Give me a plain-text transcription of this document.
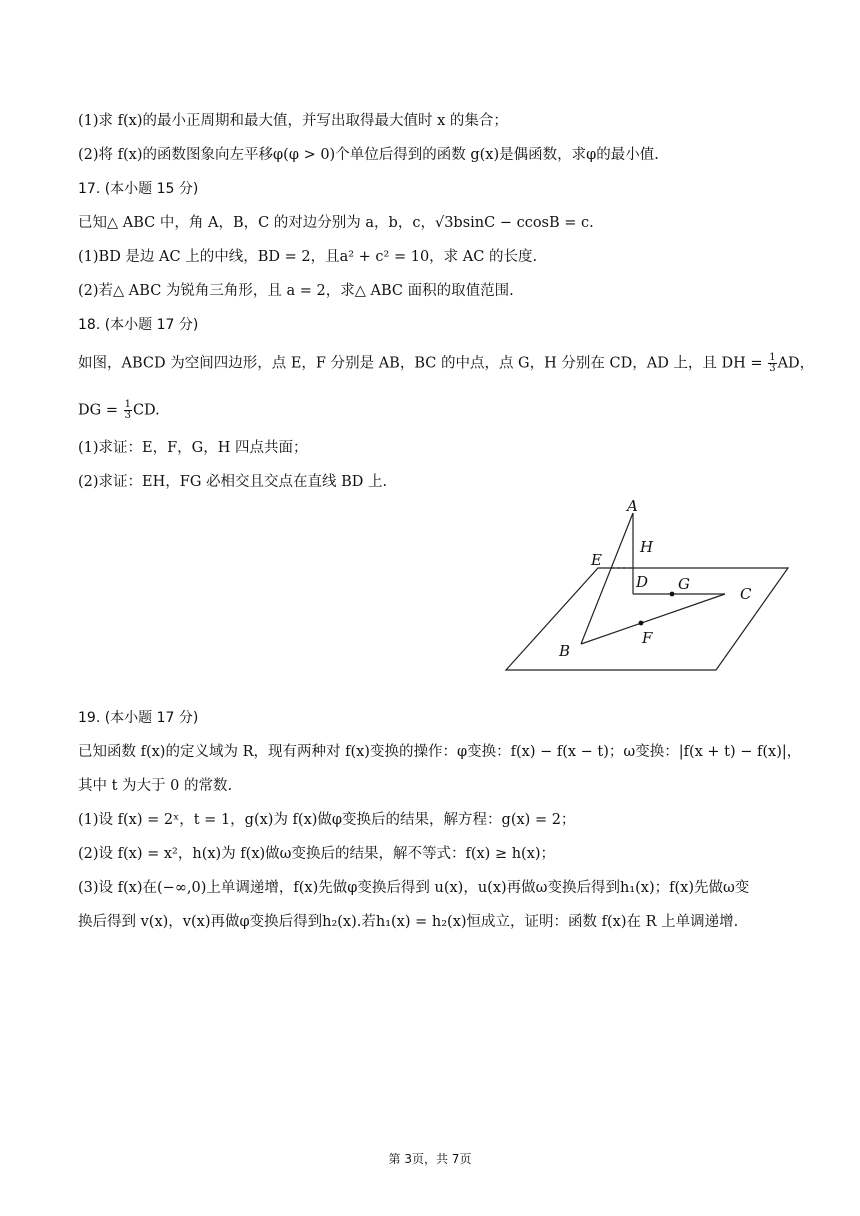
(1)求 f(x)的最小正周期和最大值，并写出取得最大值时 x 的集合；
(2)将 f(x)的函数图象向左平移φ(φ > 0)个单位后得到的函数 g(x)是偶函数，求φ的最小值.
17. (本小题 15 分)
已知△ ABC 中，角 A，B，C 的对边分别为 a，b，c，√3bsinC − ccosB = c.
(1)BD 是边 AC 上的中线，BD = 2，且a² + c² = 10，求 AC 的长度.
(2)若△ ABC 为锐角三角形，且 a = 2，求△ ABC 面积的取值范围.
18. (本小题 17 分)
如图，ABCD 为空间四边形，点 E，F 分别是 AB，BC 的中点，点 G，H 分别在 CD，AD 上，且 DH = $\frac{1}{3}$ AD，
DG = $\frac{1}{3}$ CD.
(1)求证：E，F，G，H 四点共面；
(2)求证：EH，FG 必相交且交点在直线 BD 上.
A
H
E
D G
C
F
B
19. (本小题 17 分)
已知函数 f(x)的定义域为 R，现有两种对 f(x)变换的操作：φ变换：f(x) − f(x − t)；ω变换：|f(x + t) − f(x)|，
其中 t 为大于 0 的常数.
(1)设 f(x) = 2ˣ，t = 1，g(x)为 f(x)做φ变换后的结果，解方程：g(x) = 2；
(2)设 f(x) = x²，h(x)为 f(x)做ω变换后的结果，解不等式：f(x) ≥ h(x)；
(3)设 f(x)在(−∞,0)上单调递增，f(x)先做φ变换后得到 u(x)，u(x)再做ω变换后得到h₁(x)；f(x)先做ω变
换后得到 v(x)，v(x)再做φ变换后得到h₂(x).若h₁(x) = h₂(x)恒成立，证明：函数 f(x)在 R 上单调递增.
第 3页，共 7页
